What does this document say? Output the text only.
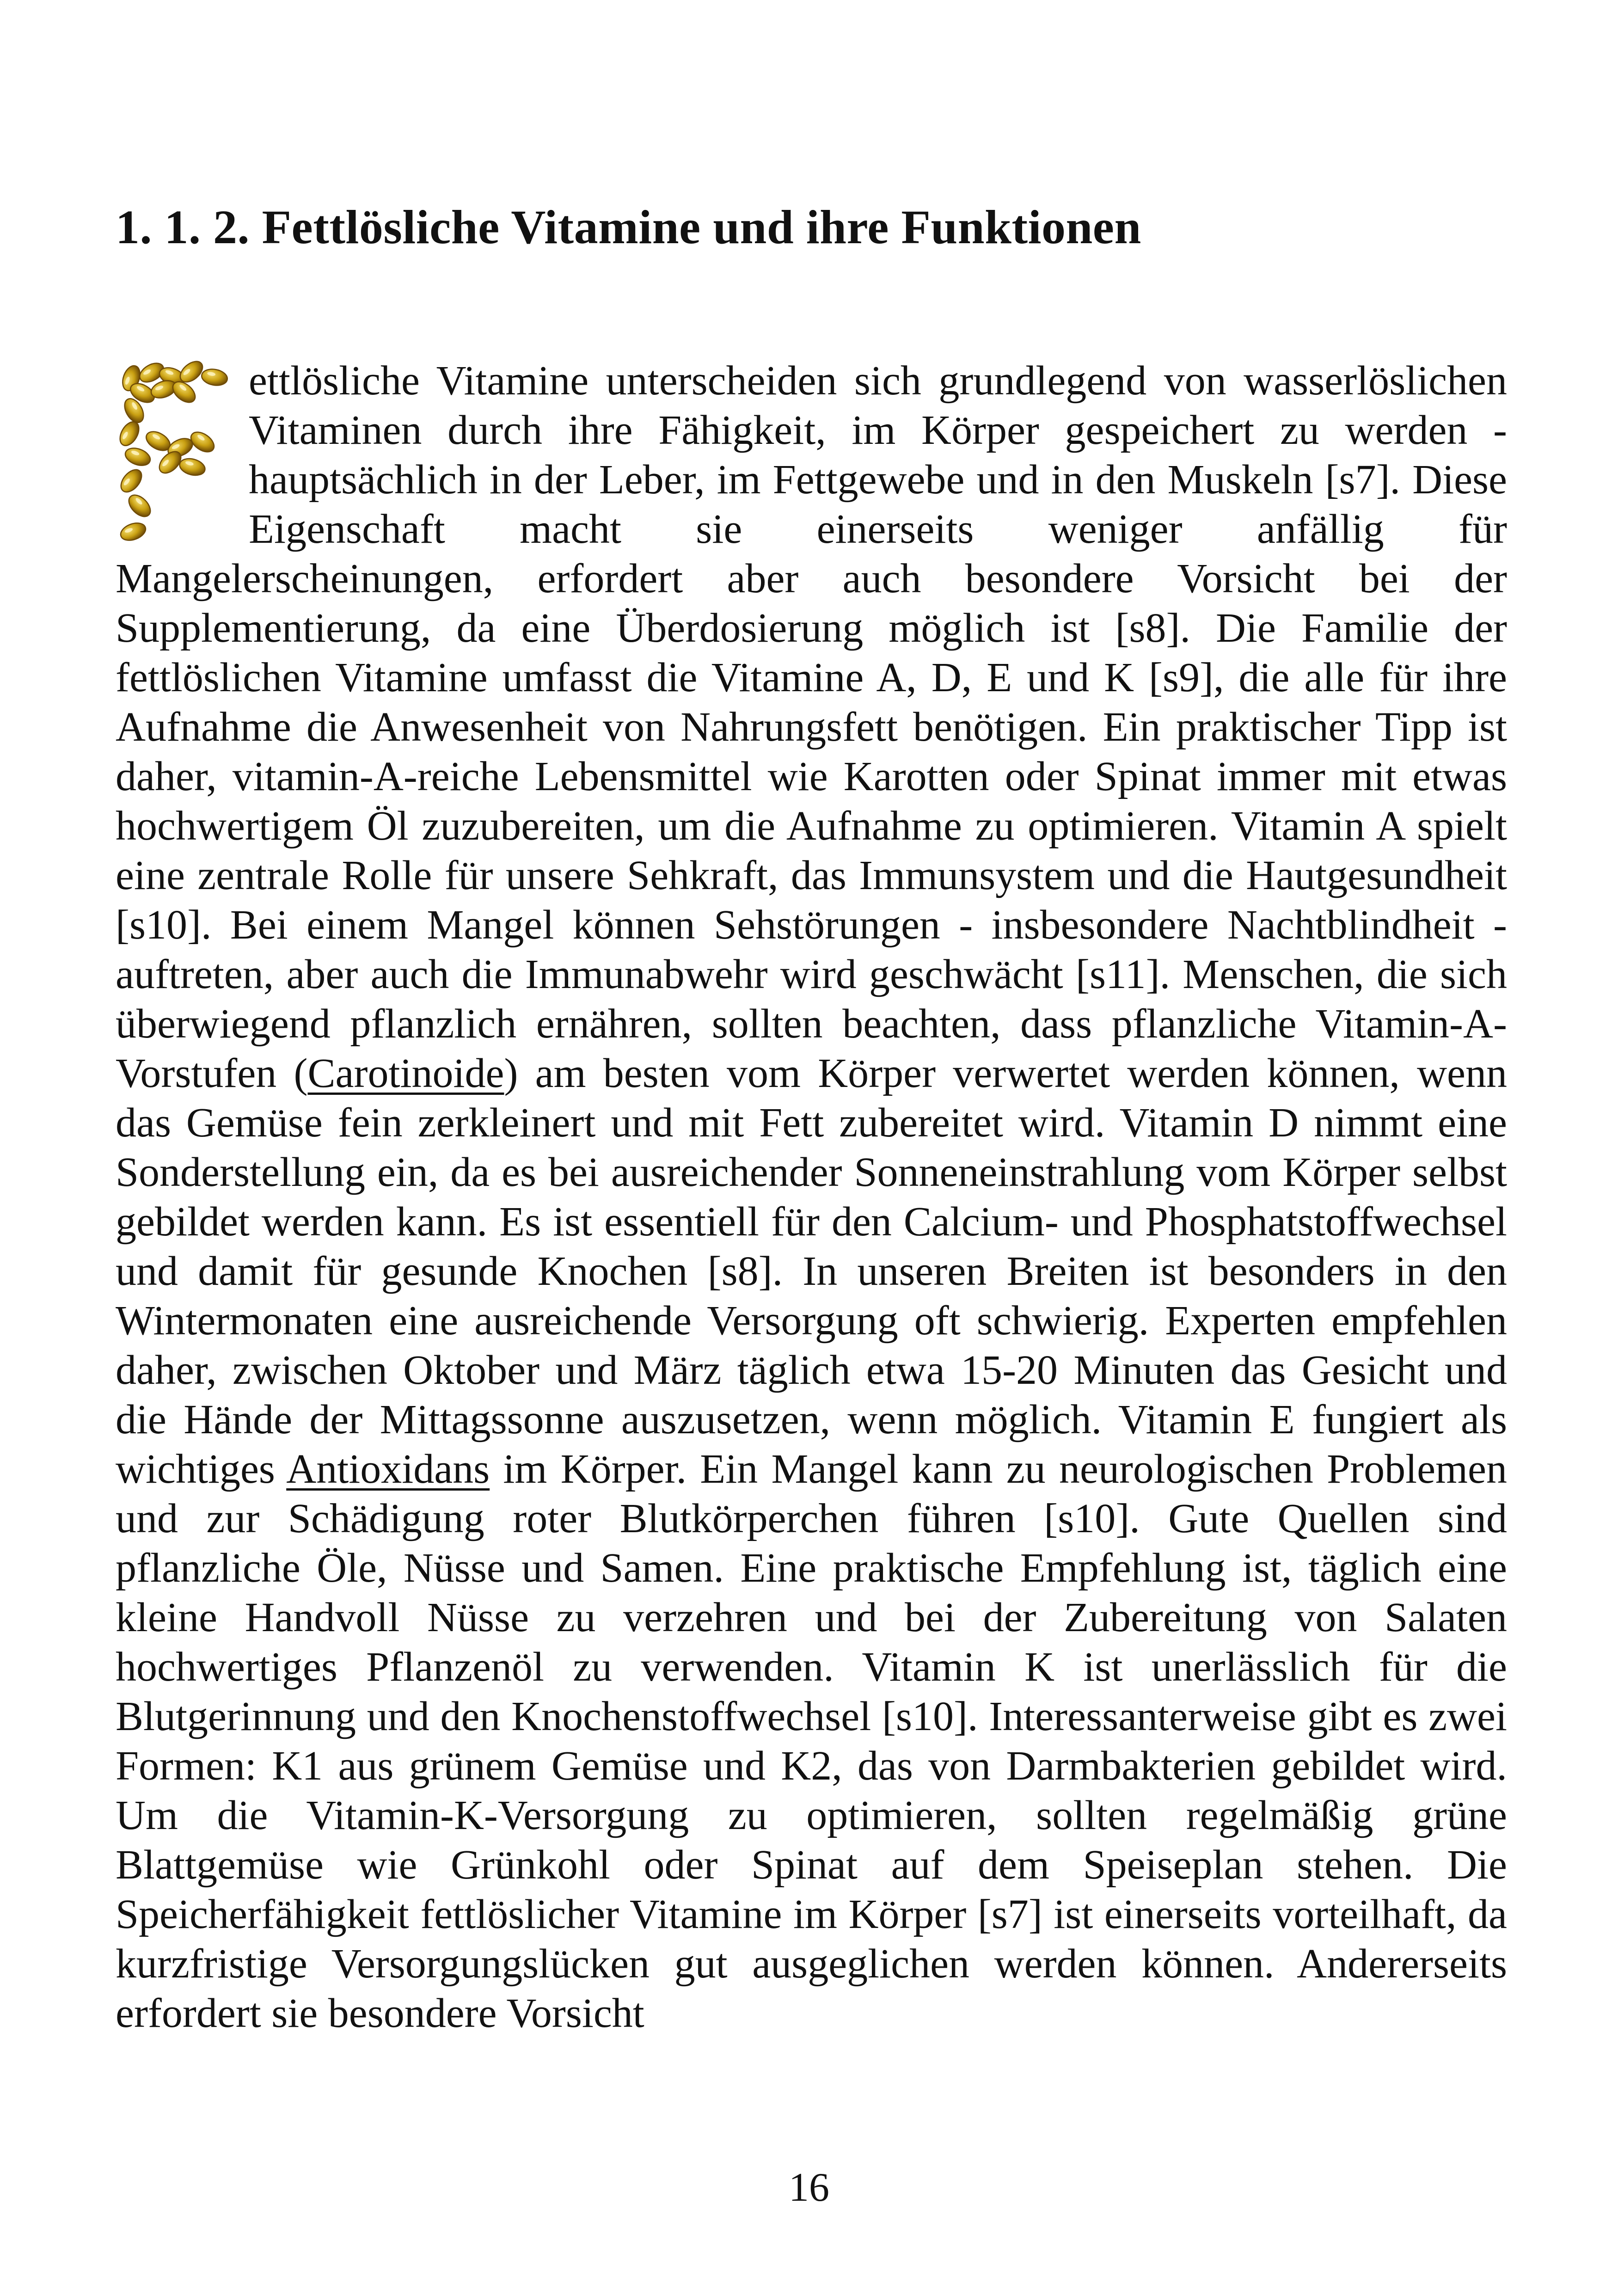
1. 1. 2. Fettlösliche Vitamine und ihre Funktionen

ettlösliche Vitamine unterscheiden sich grundlegend von wasserlöslichen Vitaminen durch ihre Fähigkeit, im Körper gespeichert zu werden - hauptsächlich in der Leber, im Fettgewebe und in den Muskeln [s7]. Diese Eigenschaft macht sie einerseits weniger anfällig für Mangelerscheinungen, erfordert aber auch besondere Vorsicht bei der Supplementierung, da eine Überdosierung möglich ist [s8]. Die Familie der fettlöslichen Vitamine umfasst die Vitamine A, D, E und K [s9], die alle für ihre Aufnahme die Anwesenheit von Nahrungsfett benötigen. Ein praktischer Tipp ist daher, vitamin-A-reiche Lebensmittel wie Karotten oder Spinat immer mit etwas hochwertigem Öl zuzubereiten, um die Aufnahme zu optimieren. Vitamin A spielt eine zentrale Rolle für unsere Sehkraft, das Immunsystem und die Hautgesundheit [s10]. Bei einem Mangel können Sehstörungen - insbesondere Nachtblindheit - auftreten, aber auch die Immunabwehr wird geschwächt [s11]. Menschen, die sich überwiegend pflanzlich ernähren, sollten beachten, dass pflanzliche Vitamin-A-Vorstufen (Carotinoide) am besten vom Körper verwertet werden können, wenn das Gemüse fein zerkleinert und mit Fett zubereitet wird. Vitamin D nimmt eine Sonderstellung ein, da es bei ausreichender Sonneneinstrahlung vom Körper selbst gebildet werden kann. Es ist essentiell für den Calcium- und Phosphatstoffwechsel und damit für gesunde Knochen [s8]. In unseren Breiten ist besonders in den Wintermonaten eine ausreichende Versorgung oft schwierig. Experten empfehlen daher, zwischen Oktober und März täglich etwa 15-20 Minuten das Gesicht und die Hände der Mittagssonne auszusetzen, wenn möglich. Vitamin E fungiert als wichtiges Antioxidans im Körper. Ein Mangel kann zu neurologischen Problemen und zur Schädigung roter Blutkörperchen führen [s10]. Gute Quellen sind pflanzliche Öle, Nüsse und Samen. Eine praktische Empfehlung ist, täglich eine kleine Handvoll Nüsse zu verzehren und bei der Zubereitung von Salaten hochwertiges Pflanzenöl zu verwenden. Vitamin K ist unerlässlich für die Blutgerinnung und den Knochenstoffwechsel [s10]. Interessanterweise gibt es zwei Formen: K1 aus grünem Gemüse und K2, das von Darmbakterien gebildet wird. Um die Vitamin-K-Versorgung zu optimieren, sollten regelmäßig grüne Blattgemüse wie Grünkohl oder Spinat auf dem Speiseplan stehen. Die Speicherfähigkeit fettlöslicher Vitamine im Körper [s7] ist einerseits vorteilhaft, da kurzfristige Versorgungslücken gut ausgeglichen werden können. Andererseits erfordert sie besondere Vorsicht

16
